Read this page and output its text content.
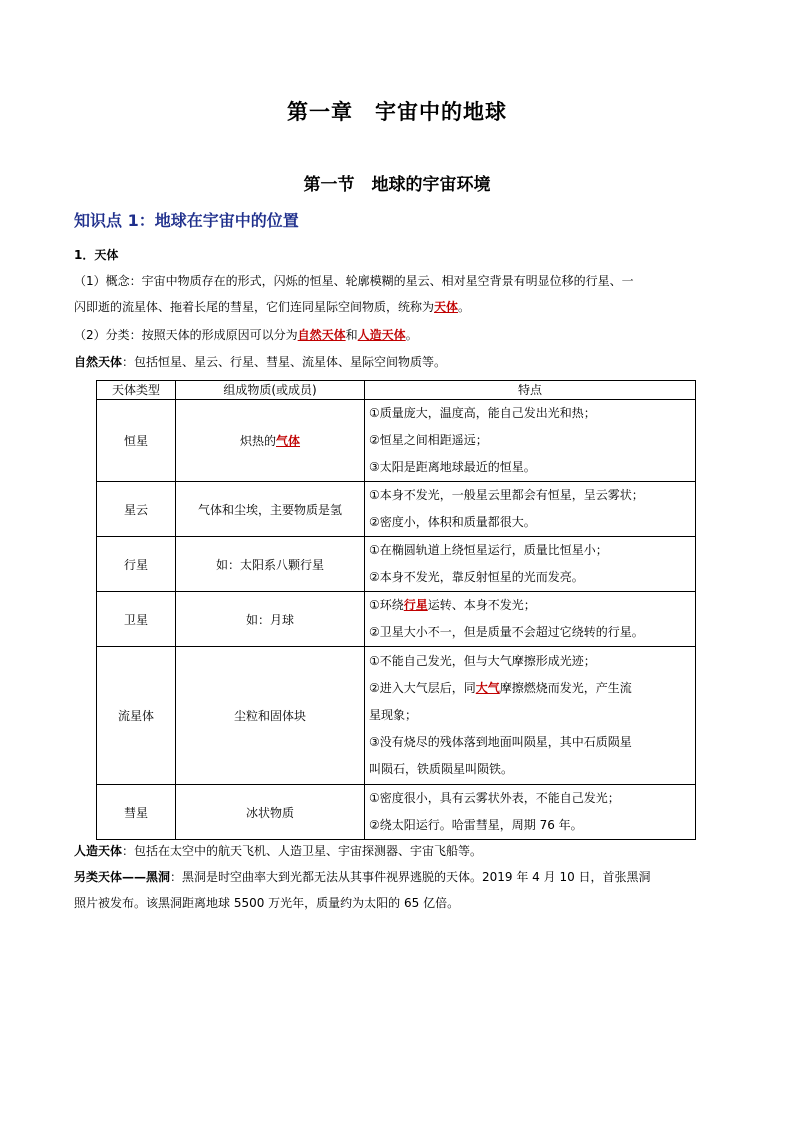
第一章　宇宙中的地球
第一节　地球的宇宙环境
知识点 1：地球在宇宙中的位置
1．天体
（1）概念：宇宙中物质存在的形式，闪烁的恒星、轮廓模糊的星云、相对星空背景有明显位移的行星、一
闪即逝的流星体、拖着长尾的彗星，它们连同星际空间物质，统称为天体。
（2）分类：按照天体的形成原因可以分为自然天体和人造天体。
自然天体：包括恒星、星云、行星、彗星、流星体、星际空间物质等。
天体类型	组成物质(或成员)	特点
恒星	炽热的气体	①质量庞大，温度高，能自己发出光和热；
②恒星之间相距遥远；
③太阳是距离地球最近的恒星。

星云	气体和尘埃，主要物质是氢	①本身不发光，一般星云里都会有恒星，呈云雾状；
②密度小，体积和质量都很大。

行星	如：太阳系八颗行星	①在椭圆轨道上绕恒星运行，质量比恒星小；
②本身不发光，靠反射恒星的光而发亮。

卫星	如：月球	①环绕行星运转、本身不发光；
②卫星大小不一，但是质量不会超过它绕转的行星。

流星体	尘粒和固体块	①不能自己发光，但与大气摩擦形成光迹；
②进入大气层后，同大气摩擦燃烧而发光，产生流
星现象；
③没有烧尽的残体落到地面叫陨星，其中石质陨星
叫陨石，铁质陨星叫陨铁。

彗星	冰状物质	①密度很小，具有云雾状外表，不能自己发光；
②绕太阳运行。哈雷彗星，周期 76 年。
人造天体：包括在太空中的航天飞机、人造卫星、宇宙探测器、宇宙飞船等。
另类天体——黑洞：黑洞是时空曲率大到光都无法从其事件视界逃脱的天体。2019 年 4 月 10 日，首张黑洞
照片被发布。该黑洞距离地球 5500 万光年，质量约为太阳的 65 亿倍。
